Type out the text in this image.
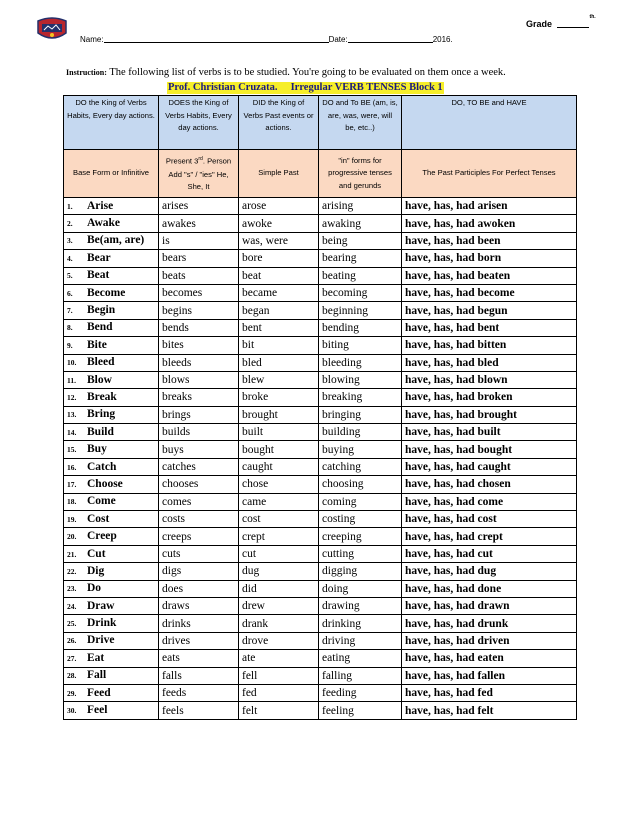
Grade $^{th.}$
Name:	Date:	2016.
Instruction: The following list of verbs is to be studied. You're going to be evaluated on them once a week.
Prof. Christian Cruzata.     Irregular VERB TENSES Block 1
DO the King of Verbs Habits, Every day actions.	DOES the King of Verbs Habits, Every day actions.	DID the King of Verbs Past events or actions.	DO and To BE (am, is, are, was, were, will be, etc..)	DO, TO BE and HAVE
Base Form or Infinitive	Present 3rd. Person Add "s" / "ies" He, She, It	Simple Past	"in" forms for progressive tenses and gerunds	The Past Participles For Perfect Tenses
1. Arise	arises	arose	arising	have, has, had arisen
2. Awake	awakes	awoke	awaking	have, has, had awoken
3. Be(am, are)	is	was, were	being	have, has, had been
4. Bear	bears	bore	bearing	have, has, had born
5. Beat	beats	beat	beating	have, has, had beaten
6. Become	becomes	became	becoming	have, has, had become
7. Begin	begins	began	beginning	have, has, had begun
8. Bend	bends	bent	bending	have, has, had bent
9. Bite	bites	bit	biting	have, has, had bitten
10. Bleed	bleeds	bled	bleeding	have, has, had bled
11. Blow	blows	blew	blowing	have, has, had blown
12. Break	breaks	broke	breaking	have, has, had broken
13. Bring	brings	brought	bringing	have, has, had brought
14. Build	builds	built	building	have, has, had built
15. Buy	buys	bought	buying	have, has, had bought
16. Catch	catches	caught	catching	have, has, had caught
17. Choose	chooses	chose	choosing	have, has, had chosen
18. Come	comes	came	coming	have, has, had come
19. Cost	costs	cost	costing	have, has, had cost
20. Creep	creeps	crept	creeping	have, has, had crept
21. Cut	cuts	cut	cutting	have, has, had cut
22. Dig	digs	dug	digging	have, has, had dug
23. Do	does	did	doing	have, has, had done
24. Draw	draws	drew	drawing	have, has, had drawn
25. Drink	drinks	drank	drinking	have, has, had drunk
26. Drive	drives	drove	driving	have, has, had driven
27. Eat	eats	ate	eating	have, has, had eaten
28. Fall	falls	fell	falling	have, has, had fallen
29. Feed	feeds	fed	feeding	have, has, had fed
30. Feel	feels	felt	feeling	have, has, had felt
